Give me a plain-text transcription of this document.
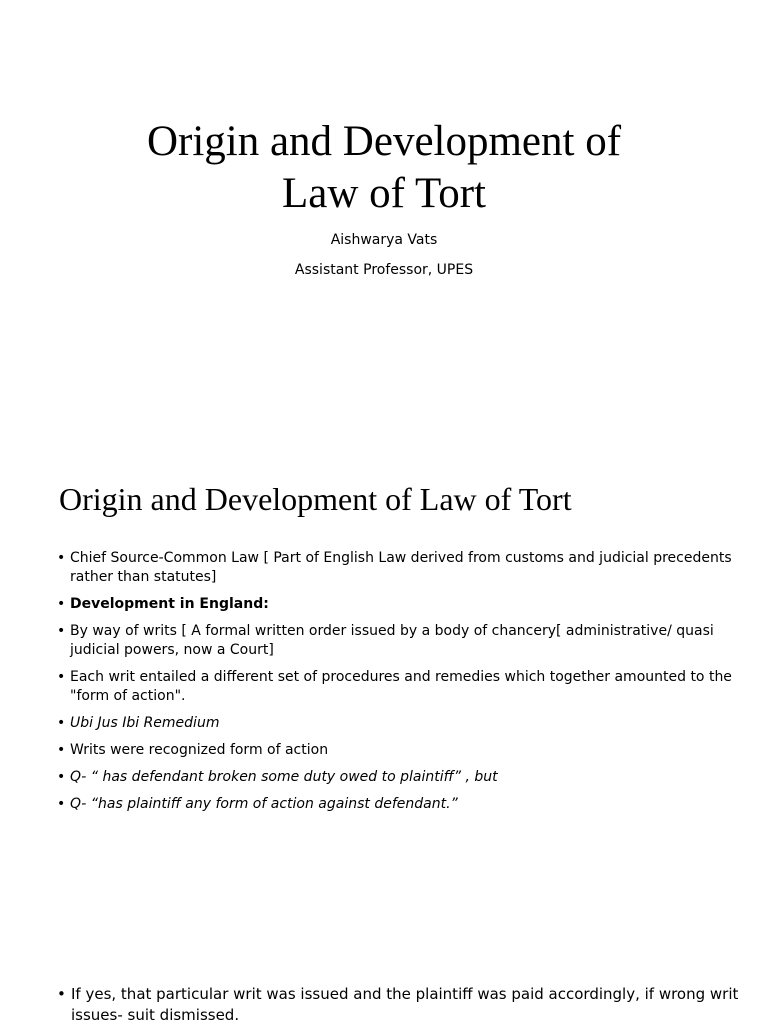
Origin and Development of
Law of Tort
Aishwarya Vats
Assistant Professor, UPES
Origin and Development of Law of Tort
• Chief Source-Common Law [ Part of English Law derived from customs and judicial precedents rather than statutes]
• Development in England:
• By way of writs [ A formal written order issued by a body of chancery[ administrative/ quasi judicial powers, now a Court]
• Each writ entailed a different set of procedures and remedies which together amounted to the "form of action".
• Ubi Jus Ibi Remedium
• Writs were recognized form of action
• Q- “ has defendant broken some duty owed to plaintiff” , but
• Q- “has plaintiff any form of action against defendant.”
• If yes, that particular writ was issued and the plaintiff was paid accordingly, if wrong writ issues- suit dismissed.
